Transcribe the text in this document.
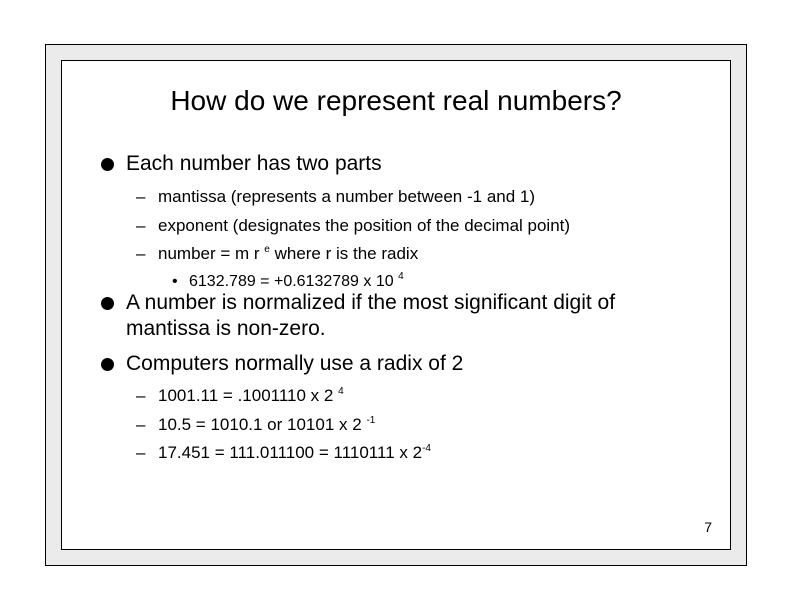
How do we represent real numbers?
Each number has two parts
– mantissa (represents a number between -1 and 1)
– exponent (designates the position of the decimal point)
– number = m r $^e$ where r is the radix
• 6132.789 = +0.6132789 x 10 $^4$
A number is normalized if the most significant digit of
mantissa is non-zero.
Computers normally use a radix of 2
– 1001.11 = .1001110 x 2 $^4$
– 10.5 = 1010.1 or 10101 x 2 $^{-1}$
– 17.451 = 111.011100 = 1110111 x $2^{-4}$
7
